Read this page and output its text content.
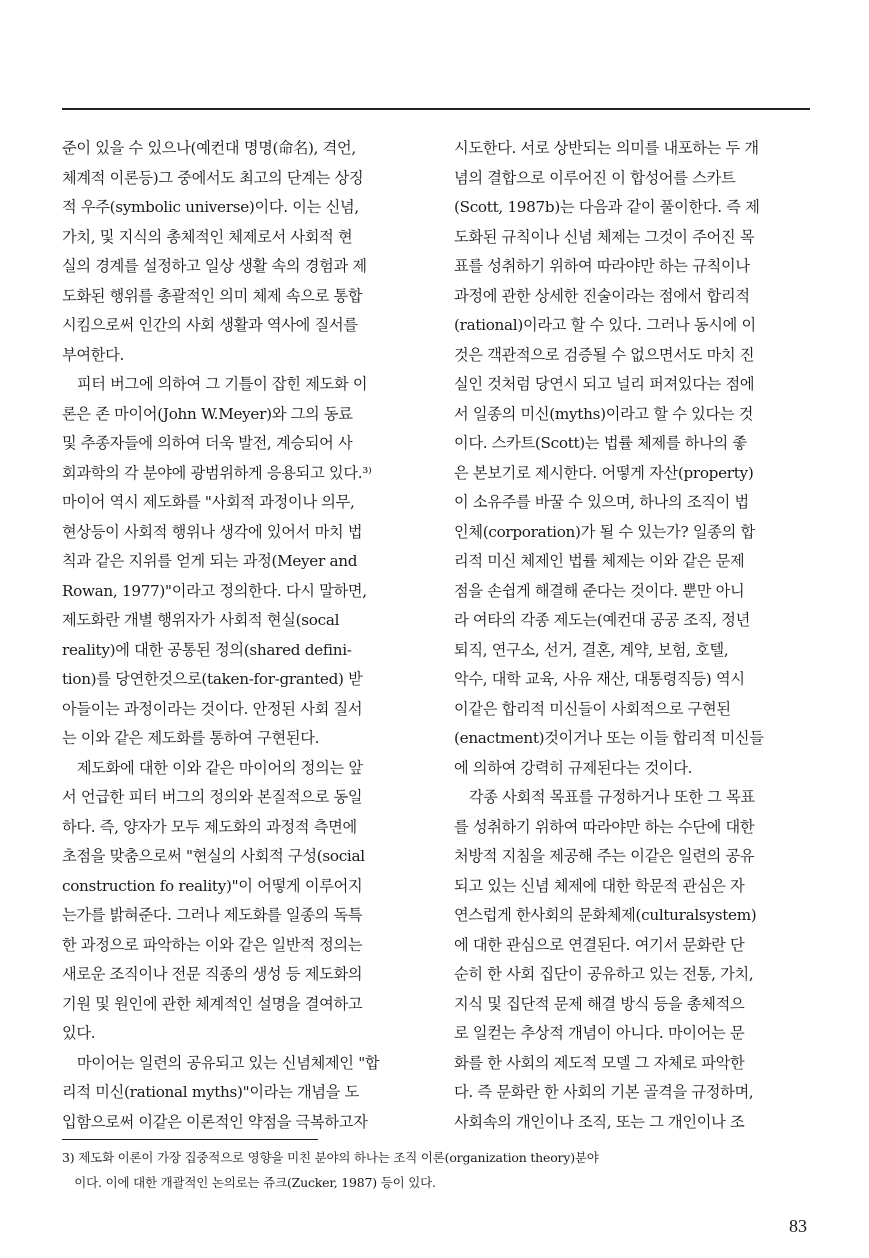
준이 있을 수 있으나(예컨대 명명(命名), 격언,
체계적 이론등)그 중에서도 최고의 단계는 상징
적 우주(symbolic universe)이다. 이는 신념,
가치, 및 지식의 총체적인 체제로서 사회적 현
실의 경계를 설정하고 일상 생활 속의 경험과 제
도화된 행위를 총괄적인 의미 체제 속으로 통합
시킴으로써 인간의 사회 생활과 역사에 질서를
부여한다.
　피터 버그에 의하여 그 기틀이 잡힌 제도화 이
론은 존 마이어(John W.Meyer)와 그의 동료
및 추종자들에 의하여 더욱 발전, 계승되어 사
회과학의 각 분야에 광범위하게 응용되고 있다.³⁾
마이어 역시 제도화를 "사회적 과정이나 의무,
현상등이 사회적 행위나 생각에 있어서 마치 법
칙과 같은 지위를 얻게 되는 과정(Meyer and
Rowan, 1977)"이라고 정의한다. 다시 말하면,
제도화란 개별 행위자가 사회적 현실(socal
reality)에 대한 공통된 정의(shared defini-
tion)를 당연한것으로(taken-for-granted) 받
아들이는 과정이라는 것이다. 안정된 사회 질서
는 이와 같은 제도화를 통하여 구현된다.
　제도화에 대한 이와 같은 마이어의 정의는 앞
서 언급한 피터 버그의 정의와 본질적으로 동일
하다. 즉, 양자가 모두 제도화의 과정적 측면에
초점을 맞춤으로써 "현실의 사회적 구성(social
construction fo reality)"이 어떻게 이루어지
는가를 밝혀준다. 그러나 제도화를 일종의 독특
한 과정으로 파악하는 이와 같은 일반적 정의는
새로운 조직이나 전문 직종의 생성 등 제도화의
기원 및 원인에 관한 체계적인 설명을 결여하고
있다.
　마이어는 일련의 공유되고 있는 신념체제인 "합
리적 미신(rational myths)"이라는 개념을 도
입함으로써 이같은 이론적인 약점을 극복하고자
시도한다. 서로 상반되는 의미를 내포하는 두 개
념의 결합으로 이루어진 이 합성어를 스카트
(Scott, 1987b)는 다음과 같이 풀이한다. 즉 제
도화된 규칙이나 신념 체제는 그것이 주어진 목
표를 성취하기 위하여 따라야만 하는 규칙이나
과정에 관한 상세한 진술이라는 점에서 합리적
(rational)이라고 할 수 있다. 그러나 동시에 이
것은 객관적으로 검증될 수 없으면서도 마치 진
실인 것처럼 당연시 되고 널리 퍼져있다는 점에
서 일종의 미신(myths)이라고 할 수 있다는 것
이다. 스카트(Scott)는 법률 체제를 하나의 좋
은 본보기로 제시한다. 어떻게 자산(property)
이 소유주를 바꿀 수 있으며, 하나의 조직이 법
인체(corporation)가 될 수 있는가? 일종의 합
리적 미신 체제인 법률 체제는 이와 같은 문제
점을 손쉽게 해결해 준다는 것이다. 뿐만 아니
라 여타의 각종 제도는(예컨대 공공 조직, 정년
퇴직, 연구소, 선거, 결혼, 계약, 보험, 호텔,
악수, 대학 교육, 사유 재산, 대통령직등) 역시
이같은 합리적 미신들이 사회적으로 구현된
(enactment)것이거나 또는 이들 합리적 미신들
에 의하여 강력히 규제된다는 것이다.
　각종 사회적 목표를 규정하거나 또한 그 목표
를 성취하기 위하여 따라야만 하는 수단에 대한
처방적 지침을 제공해 주는 이같은 일련의 공유
되고 있는 신념 체제에 대한 학문적 관심은 자
연스럽게 한사회의 문화체제(culturalsystem)
에 대한 관심으로 연결된다. 여기서 문화란 단
순히 한 사회 집단이 공유하고 있는 전통, 가치,
지식 및 집단적 문제 해결 방식 등을 총체적으
로 일컫는 추상적 개념이 아니다. 마이어는 문
화를 한 사회의 제도적 모델 그 자체로 파악한
다. 즉 문화란 한 사회의 기본 골격을 규정하며,
사회속의 개인이나 조직, 또는 그 개인이나 조
3) 제도화 이론이 가장 집중적으로 영향을 미친 분야의 하나는 조직 이론(organization theory)분야
　이다. 이에 대한 개괄적인 논의로는 쥬크(Zucker, 1987) 등이 있다.
83
